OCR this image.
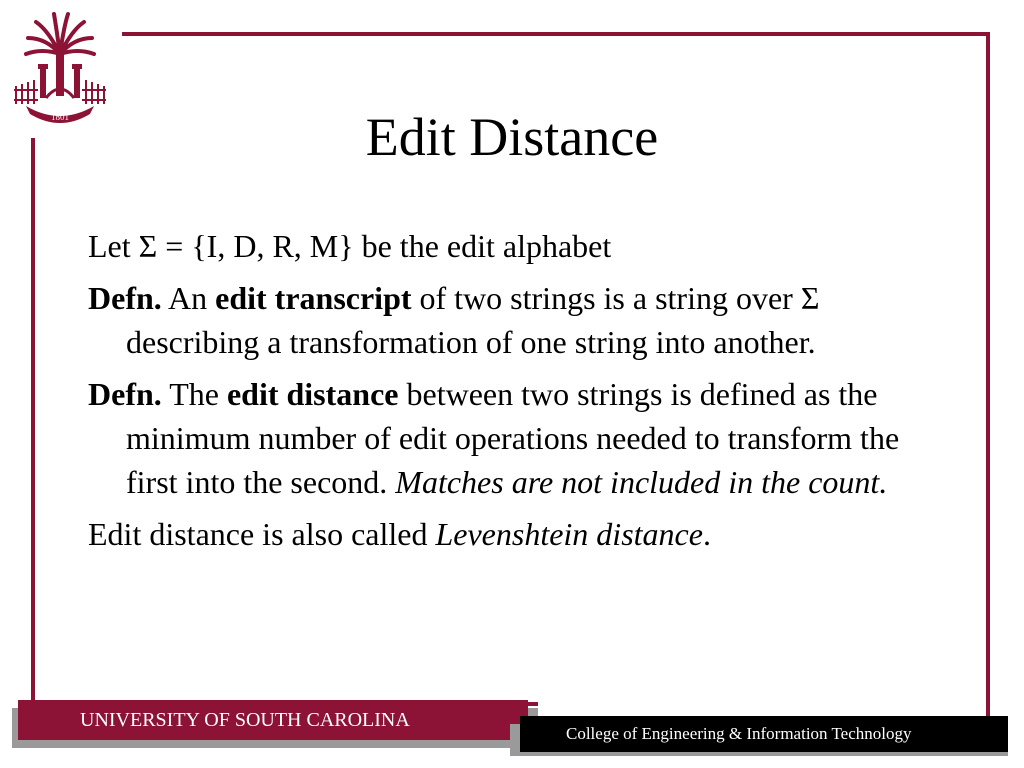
1801	Edit Distance

Let Σ = {I, D, R, M} be the edit alphabet

Defn. An edit transcript of two strings is a string over Σ describing a transformation of one string into another.

Defn. The edit distance between two strings is defined as the minimum number of edit operations needed to transform the first into the second. Matches are not included in the count.

Edit distance is also called Levenshtein distance.

UNIVERSITY OF SOUTH CAROLINA
College of Engineering & Information Technology
